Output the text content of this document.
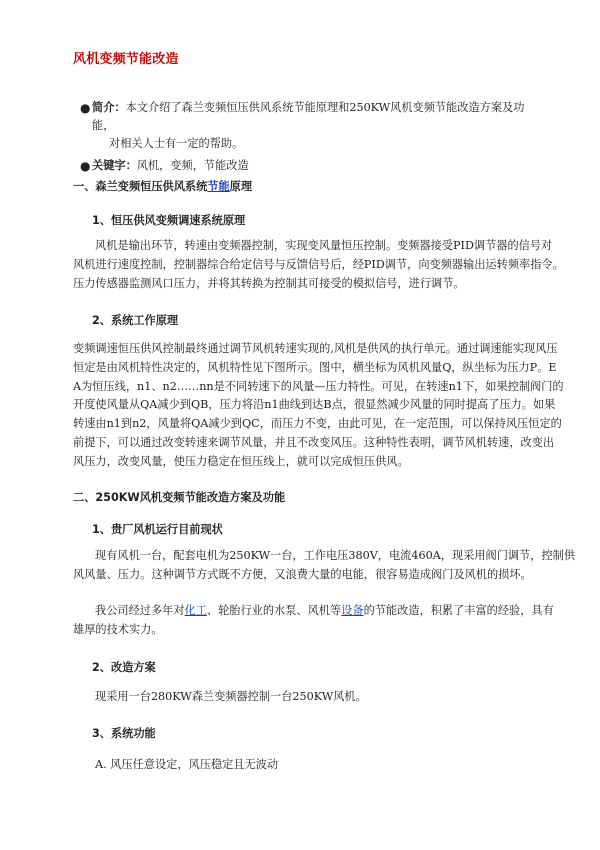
风机变频节能改造
● 简介：本文介绍了森兰变频恒压供风系统节能原理和250KW风机变频节能改造方案及功能，
对相关人士有一定的帮助。
● 关键字：风机，变频，节能改造
一、森兰变频恒压供风系统节能原理
1、恒压供风变频调速系统原理
风机是输出环节，转速由变频器控制，实现变风量恒压控制。变频器接受PID调节器的信号对
风机进行速度控制，控制器综合给定信号与反馈信号后，经PID调节，向变频器输出运转频率指令。
压力传感器监测风口压力，并将其转换为控制其可接受的模拟信号，进行调节。
2、系统工作原理
变频调速恒压供风控制最终通过调节风机转速实现的,风机是供风的执行单元。通过调速能实现风压
恒定是由风机特性决定的，风机特性见下图所示。图中，横坐标为风机风量Q，纵坐标为压力P。E
A为恒压线，n1、n2……nn是不同转速下的风量—压力特性。可见，在转速n1下，如果控制阀门的
开度使风量从QA减少到QB，压力将沿n1曲线到达B点，很显然减少风量的同时提高了压力。如果
转速由n1到n2，风量将QA减少到QC，而压力不变，由此可见，在一定范围，可以保持风压恒定的
前提下，可以通过改变转速来调节风量，并且不改变风压。这种特性表明，调节风机转速，改变出
风压力，改变风量，使压力稳定在恒压线上，就可以完成恒压供风。
二、250KW风机变频节能改造方案及功能
1、贵厂风机运行目前现状
现有风机一台，配套电机为250KW一台，工作电压380V，电流460A，现采用阀门调节，控制供
风风量、压力。这种调节方式既不方便，又浪费大量的电能，很容易造成阀门及风机的损坏。
我公司经过多年对化工、轮胎行业的水泵、风机等设备的节能改造，积累了丰富的经验，具有
雄厚的技术实力。
2、改造方案
现采用一台280KW森兰变频器控制一台250KW风机。
3、系统功能
A. 风压任意设定，风压稳定且无波动
